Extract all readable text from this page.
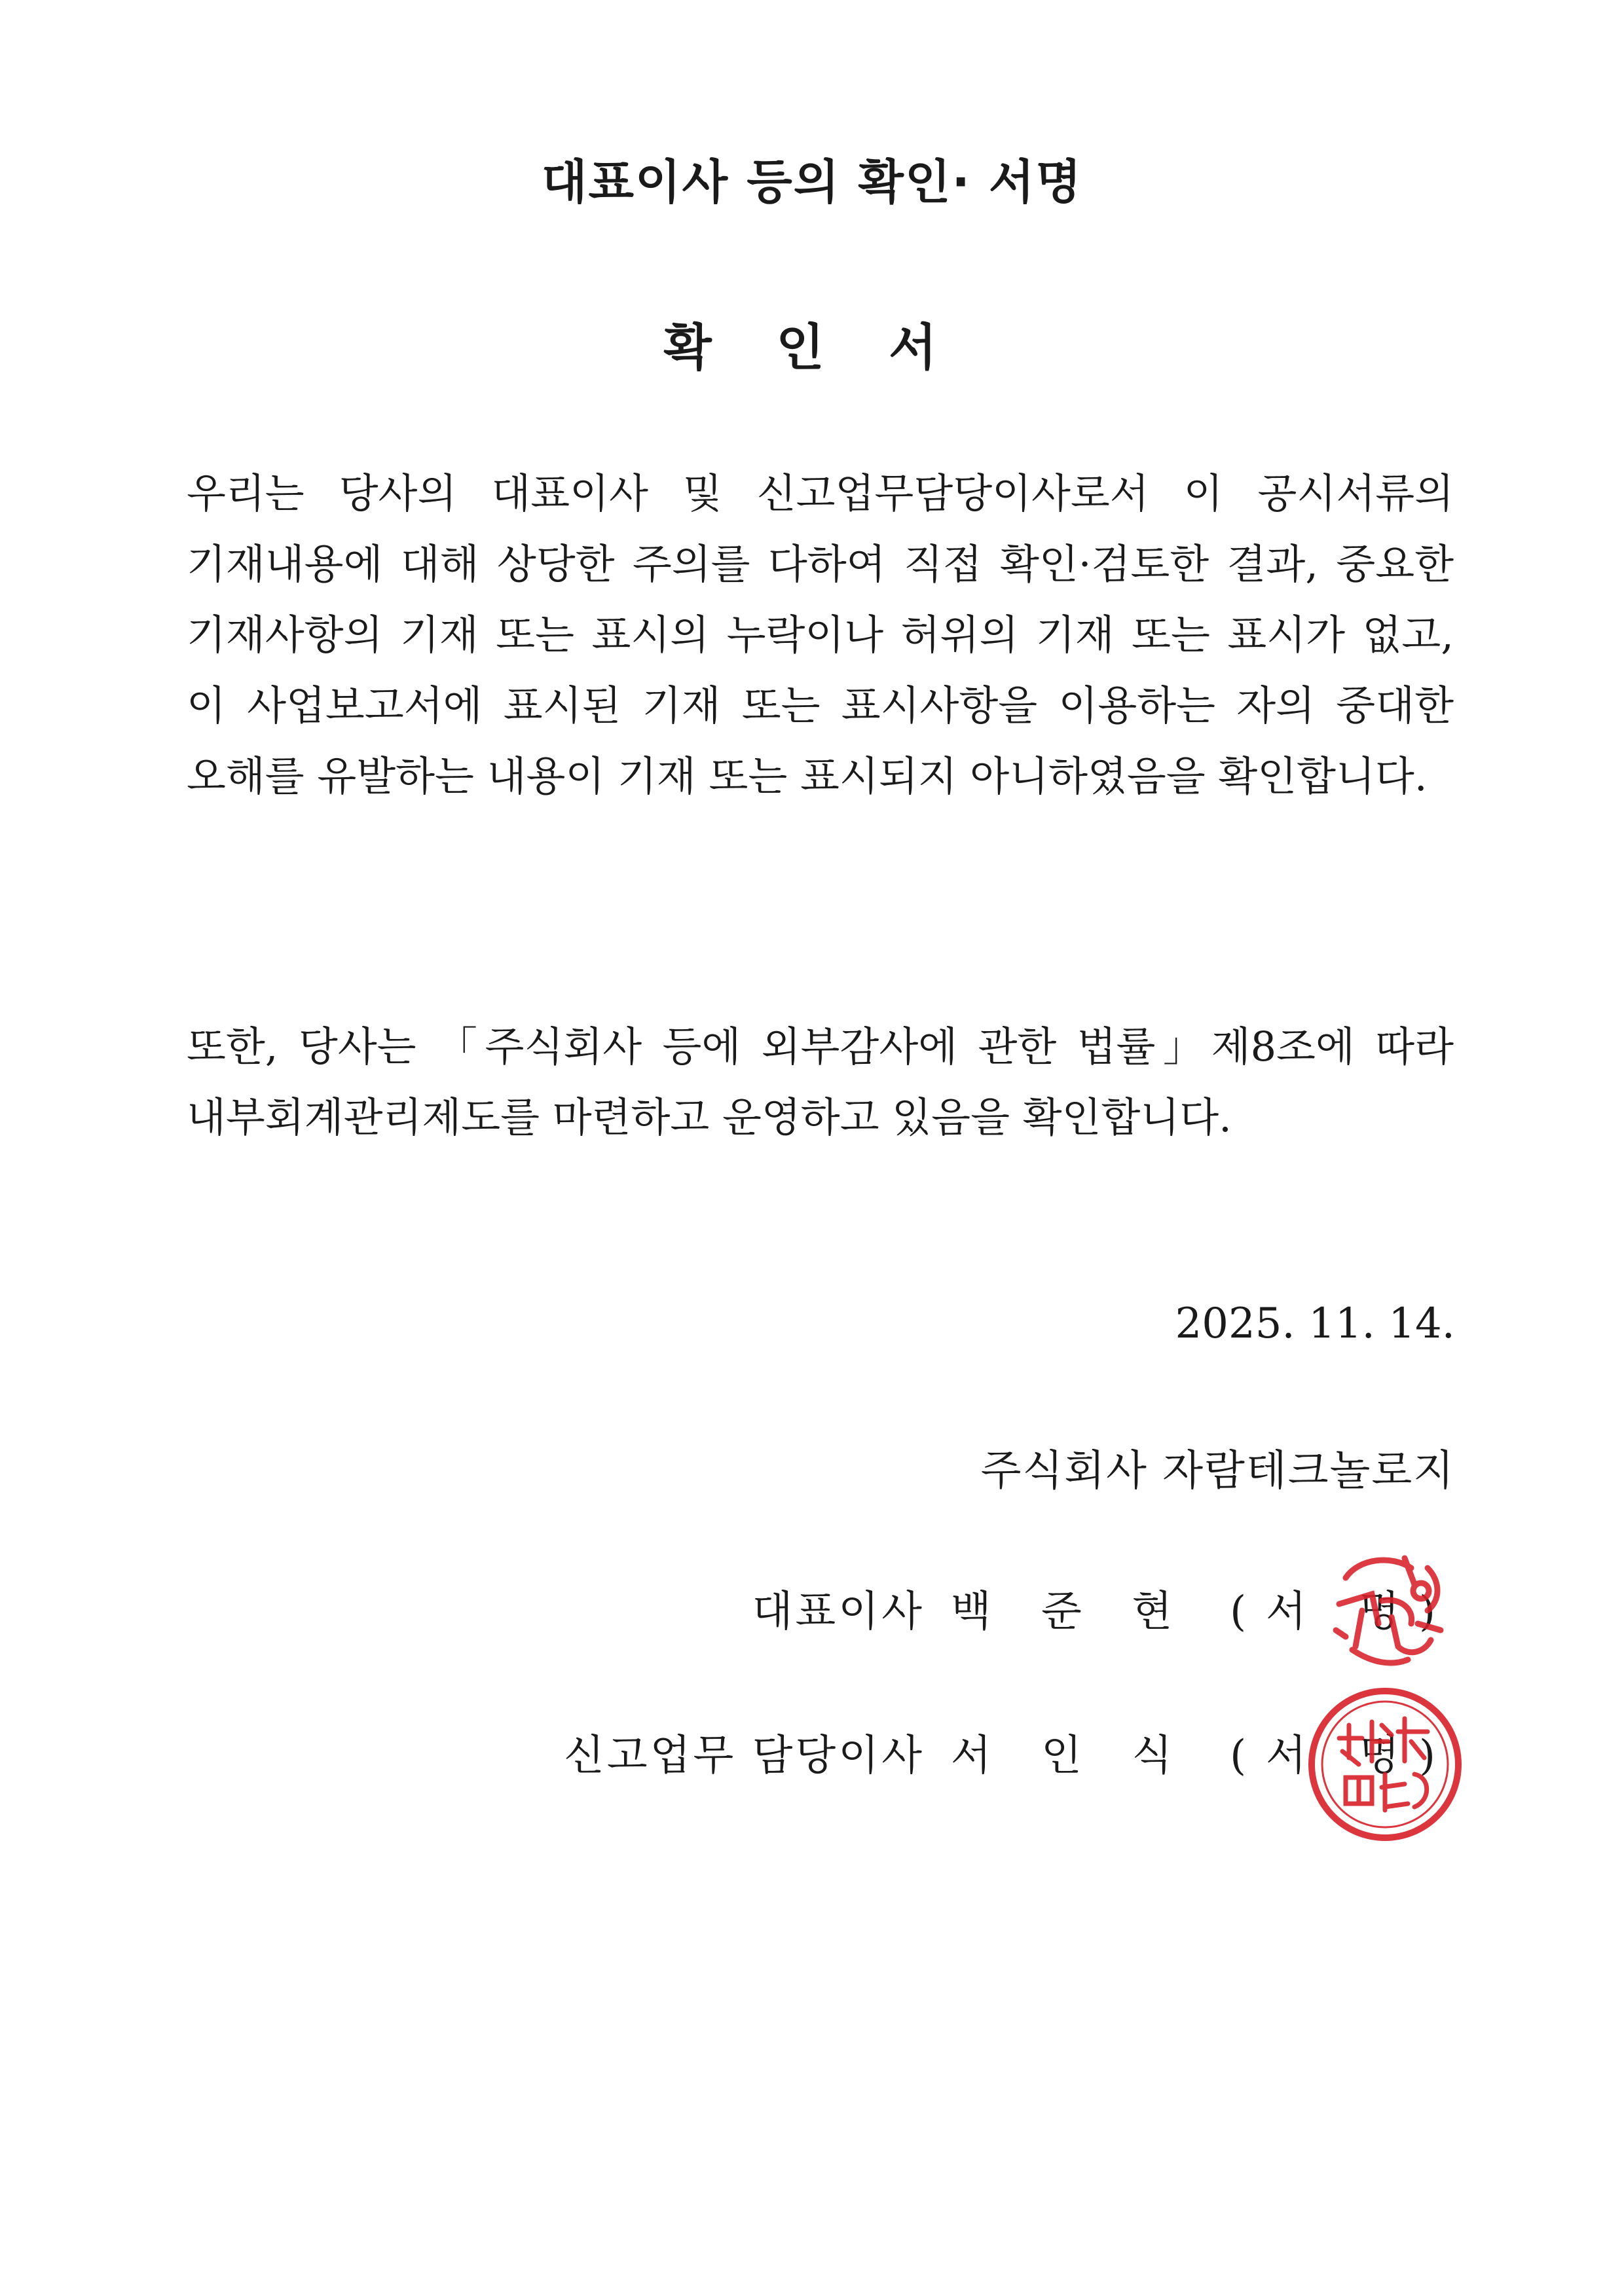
대표이사 등의 확인· 서명
확 인 서

우리는 당사의 대표이사 및 신고업무담당이사로서 이 공시서류의 기재내용에 대해 상당한 주의를 다하여 직접 확인·검토한 결과, 중요한 기재사항의 기재 또는 표시의 누락이나 허위의 기재 또는 표시가 없고, 이 사업보고서에 표시된 기재 또는 표시사항을 이용하는 자의 중대한 오해를 유발하는 내용이 기재 또는 표시되지 아니하였음을 확인합니다.

또한, 당사는 「주식회사 등에 외부감사에 관한 법률」제8조에 따라 내부회계관리제도를 마련하고 운영하고 있음을 확인합니다.

2025. 11. 14.

주식회사 자람테크놀로지

대표이사 백 준 현 (서 명)
신고업무 담당이사 서 인 식 (서 명)
